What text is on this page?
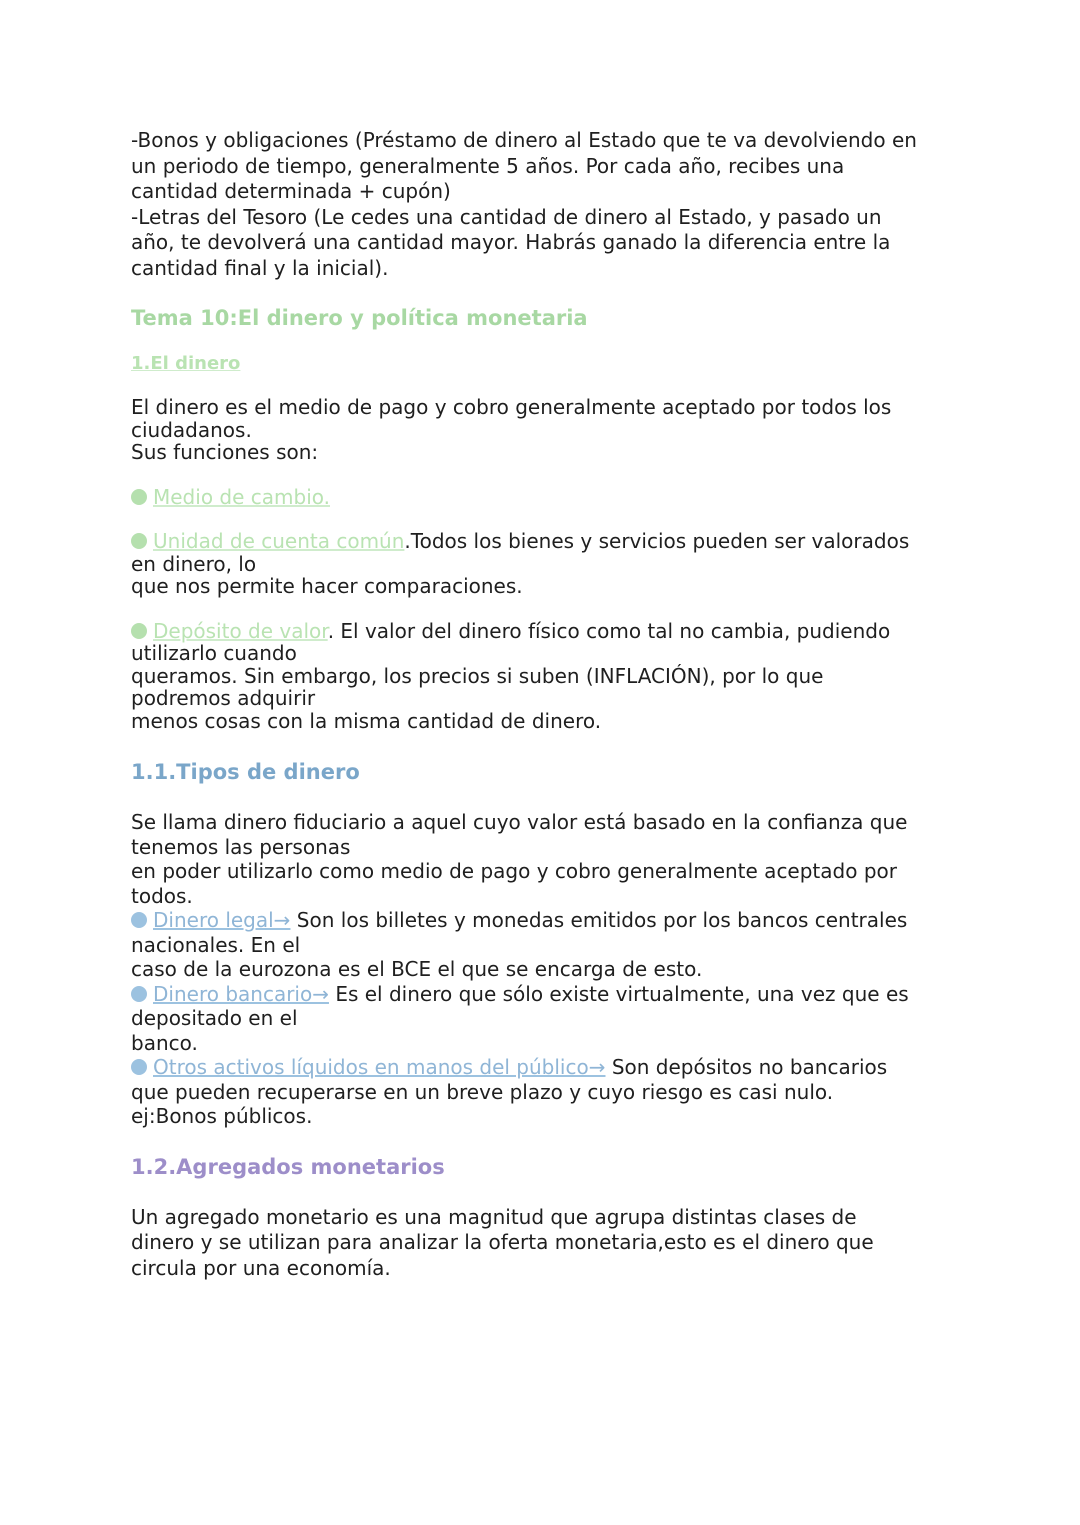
-Bonos y obligaciones (Préstamo de dinero al Estado que te va devolviendo en

un periodo de tiempo, generalmente 5 años. Por cada año, recibes una

cantidad determinada + cupón)

-Letras del Tesoro (Le cedes una cantidad de dinero al Estado, y pasado un

año, te devolverá una cantidad mayor. Habrás ganado la diferencia entre la

cantidad final y la inicial).

Tema 10:El dinero y política monetaria
1.El dinero

El dinero es el medio de pago y cobro generalmente aceptado por todos los

ciudadanos.

Sus funciones son:

Medio de cambio.

Unidad de cuenta común.Todos los bienes y servicios pueden ser valorados

en dinero, lo

que nos permite hacer comparaciones.

Depósito de valor. El valor del dinero físico como tal no cambia, pudiendo

utilizarlo cuando

queramos. Sin embargo, los precios si suben (INFLACIÓN), por lo que

podremos adquirir

menos cosas con la misma cantidad de dinero.

1.1.Tipos de dinero

Se llama dinero fiduciario a aquel cuyo valor está basado en la confianza que

tenemos las personas

en poder utilizarlo como medio de pago y cobro generalmente aceptado por

todos.

Dinero legal→ Son los billetes y monedas emitidos por los bancos centrales

nacionales. En el

caso de la eurozona es el BCE el que se encarga de esto.

Dinero bancario→ Es el dinero que sólo existe virtualmente, una vez que es

depositado en el

banco.

Otros activos líquidos en manos del público→ Son depósitos no bancarios

que pueden recuperarse en un breve plazo y cuyo riesgo es casi nulo.

ej:Bonos públicos.

1.2.Agregados monetarios

Un agregado monetario es una magnitud que agrupa distintas clases de

dinero y se utilizan para analizar la oferta monetaria,esto es el dinero que

circula por una economía.
